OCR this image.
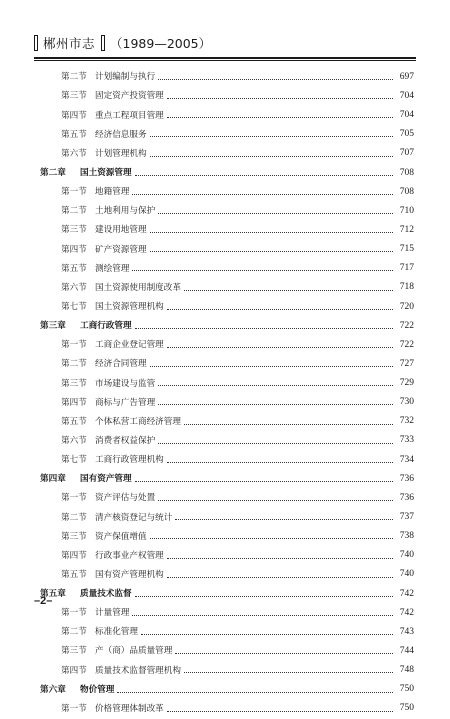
郴州市志 （1989—2005）
第二节 计划编制与执行	697
第三节 固定资产投资管理	704
第四节 重点工程项目管理	704
第五节 经济信息服务	705
第六节 计划管理机构	707
第二章	国土资源管理	708
第一节 地籍管理	708
第二节 土地利用与保护	710
第三节 建设用地管理	712
第四节 矿产资源管理	715
第五节 测绘管理	717
第六节 国土资源使用制度改革	718
第七节 国土资源管理机构	720
第三章	工商行政管理	722
第一节 工商企业登记管理	722
第二节 经济合同管理	727
第三节 市场建设与监管	729
第四节 商标与广告管理	730
第五节 个体私营工商经济管理	732
第六节 消费者权益保护	733
第七节 工商行政管理机构	734
第四章	国有资产管理	736
第一节 资产评估与处置	736
第二节 清产核资登记与统计	737
第三节 资产保值增值	738
第四节 行政事业产权管理	740
第五节 国有资产管理机构	740
第五章	质量技术监督	742
第一节 计量管理	742
第二节 标准化管理	743
第三节 产（商）品质量管理	744
第四节 质量技术监督管理机构	748
第六章	物价管理	750
第一节 价格管理体制改革	750
–2–
